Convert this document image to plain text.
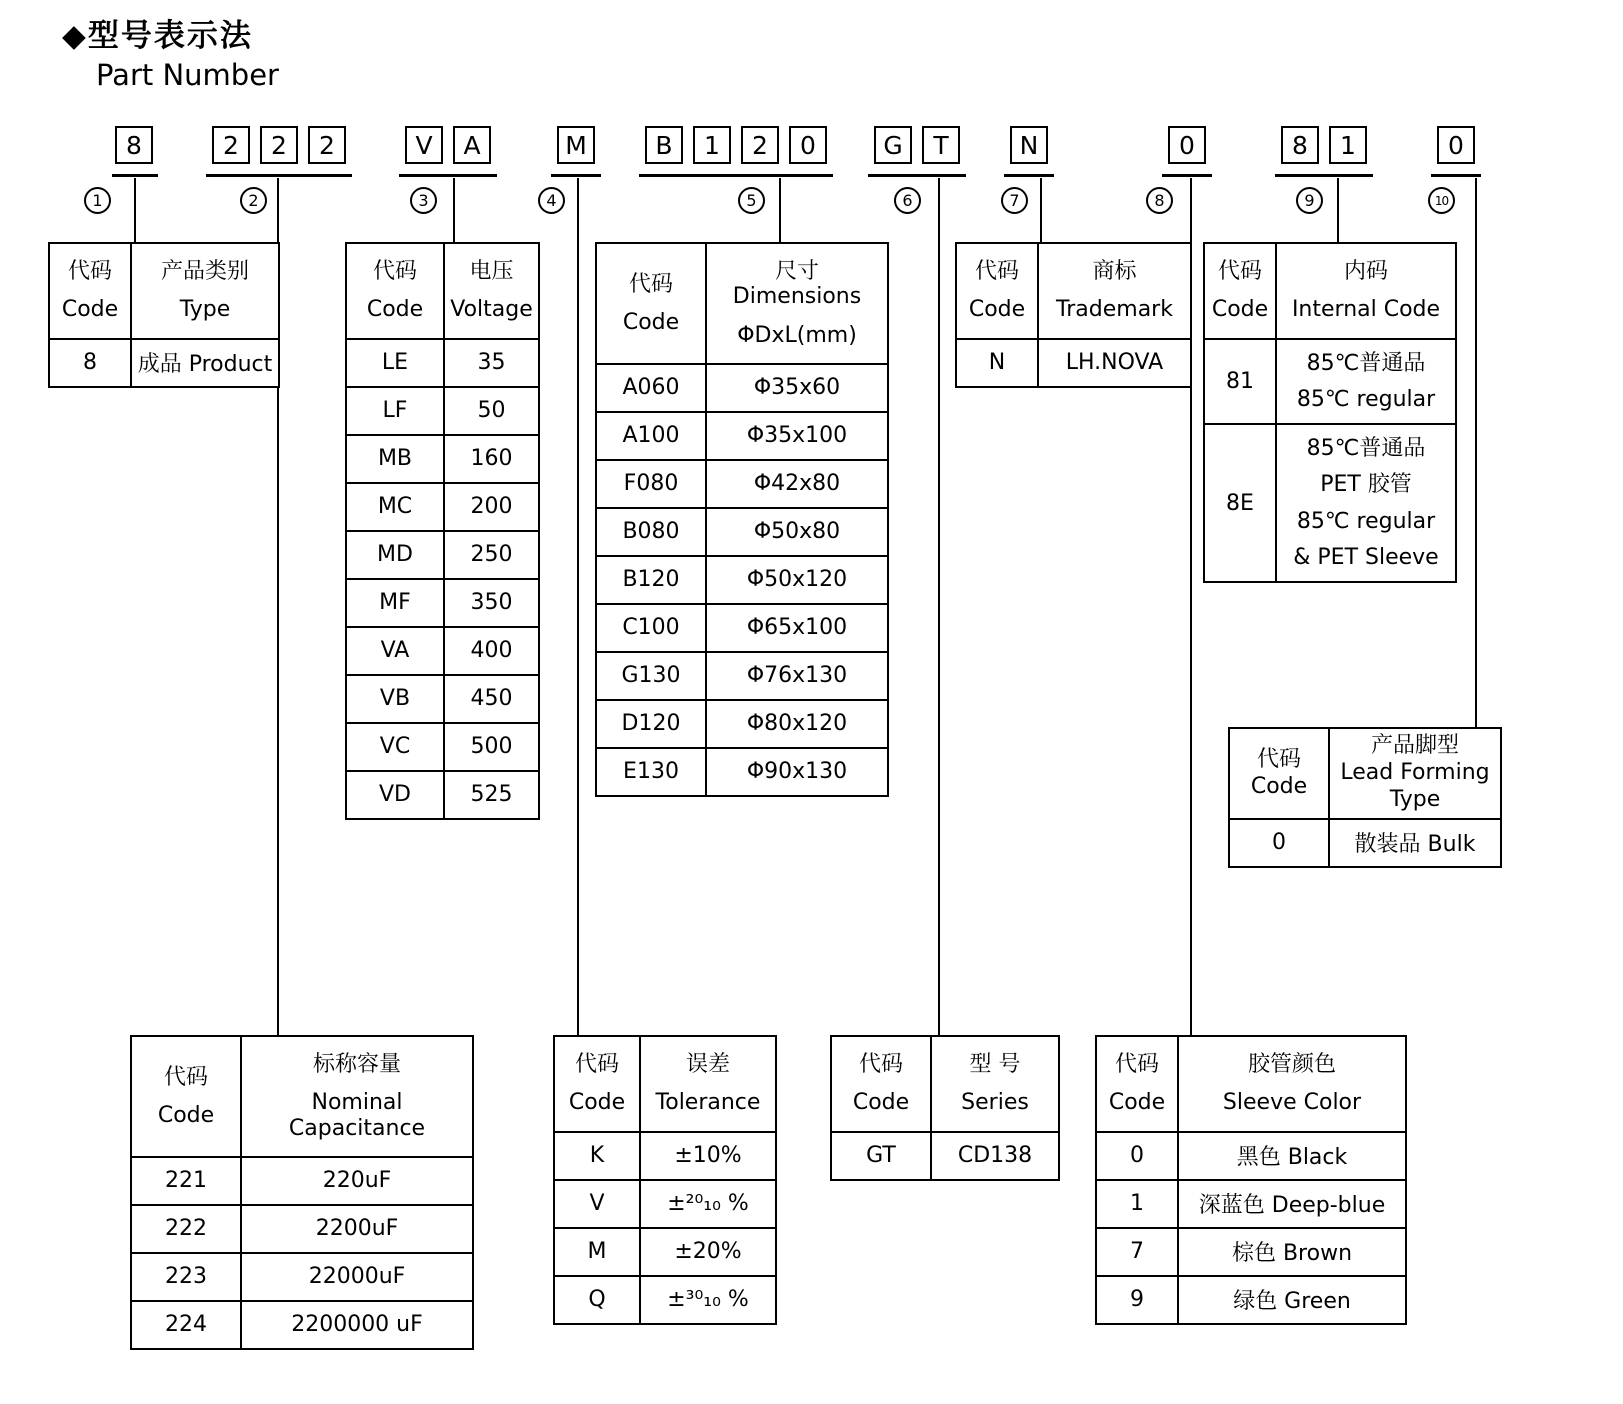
◆型号表示法
Part Number
8	2	2	2	V	A	M	B	1	2	0	G	T	N	0	8	1	0
1	2	3	4	5	6	7	8	9	10
代码
Code

产品类别
Type

8	成品 Product
代码
Code

电压
Voltage

LE	35
LF	50
MB	160
MC	200
MD	250
MF	350
VA	400
VB	450
VC	500
VD	525
代码
Code

尺寸 Dimensions
ΦDxL(mm)

A060	Φ35x60
A100	Φ35x100
F080	Φ42x80
B080	Φ50x80
B120	Φ50x120
C100	Φ65x100
G130	Φ76x130
D120	Φ80x120
E130	Φ90x130
代码
Code

商标
Trademark

N	LH.NOVA
代码
Code

内码
Internal Code

81	85℃普通品
85℃ regular

8E	85℃普通品
PET 胶管
85℃ regular
& PET Sleeve
代码
Code

产品脚型
Lead Forming
Type

0	散装品 Bulk
代码
Code

标称容量
Nominal Capacitance

221	220uF
222	2200uF
223	22000uF
224	2200000 uF
代码
Code

误差
Tolerance

K	±10%
V	±²⁰₁₀ %
M	±20%
Q	±³⁰₁₀ %
代码
Code

型 号
Series

GT	CD138
代码
Code

胶管颜色
Sleeve Color

0	黑色 Black
1	深蓝色 Deep-blue
7	棕色 Brown
9	绿色 Green
